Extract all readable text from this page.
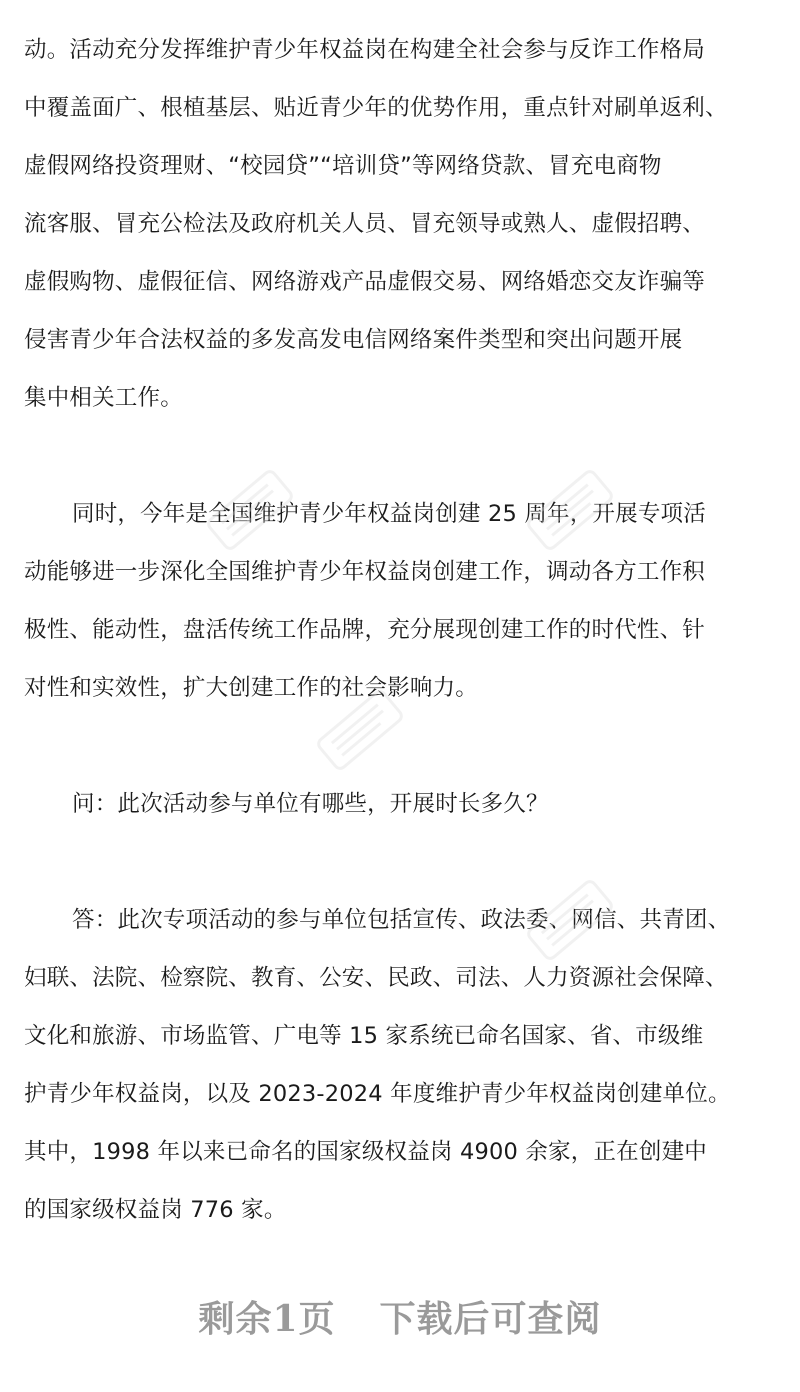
动。活动充分发挥维护青少年权益岗在构建全社会参与反诈工作格局
中覆盖面广、根植基层、贴近青少年的优势作用，重点针对刷单返利、
虚假网络投资理财、“校园贷”“培训贷”等网络贷款、冒充电商物
流客服、冒充公检法及政府机关人员、冒充领导或熟人、虚假招聘、
虚假购物、虚假征信、网络游戏产品虚假交易、网络婚恋交友诈骗等
侵害青少年合法权益的多发高发电信网络案件类型和突出问题开展
集中相关工作。
同时，今年是全国维护青少年权益岗创建 25 周年，开展专项活
动能够进一步深化全国维护青少年权益岗创建工作，调动各方工作积
极性、能动性，盘活传统工作品牌，充分展现创建工作的时代性、针
对性和实效性，扩大创建工作的社会影响力。
问：此次活动参与单位有哪些，开展时长多久？
答：此次专项活动的参与单位包括宣传、政法委、网信、共青团、
妇联、法院、检察院、教育、公安、民政、司法、人力资源社会保障、
文化和旅游、市场监管、广电等 15 家系统已命名国家、省、市级维
护青少年权益岗，以及 2023-2024 年度维护青少年权益岗创建单位。
其中，1998 年以来已命名的国家级权益岗 4900 余家，正在创建中
的国家级权益岗 776 家。
剩余1页 下载后可查阅
